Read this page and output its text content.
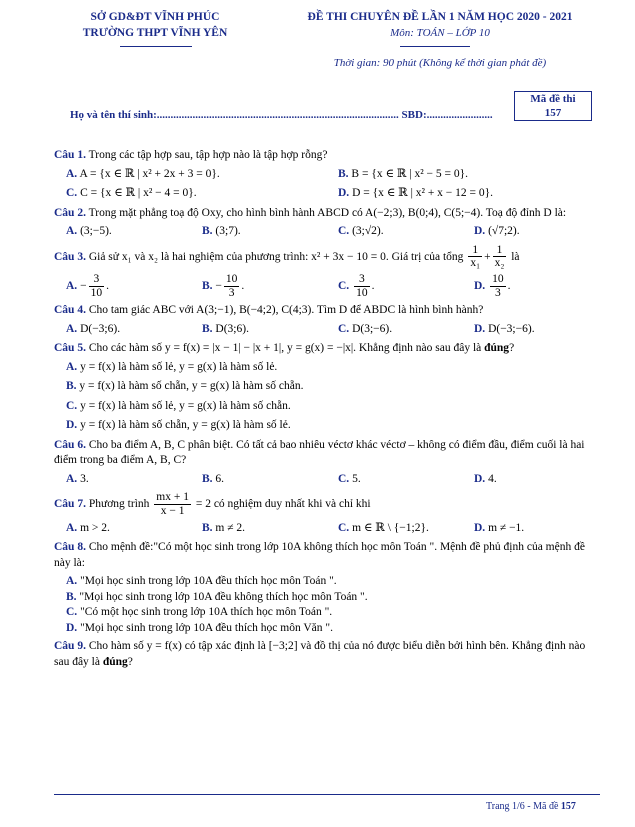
SỞ GD&ĐT VĨNH PHÚC
TRƯỜNG THPT VĨNH YÊN
ĐỀ THI CHUYÊN ĐỀ LẦN 1 NĂM HỌC 2020 - 2021
Môn: TOÁN – LỚP 10
Thời gian: 90 phút (Không kể thời gian phát đề)
Họ và tên thí sinh:........................................................................................ SBD:........................
Mã đề thi
157
Câu 1. Trong các tập hợp sau, tập hợp nào là tập hợp rỗng?
A. A = {x ∈ ℝ | x² + 2x + 3 = 0}.	B. B = {x ∈ ℝ | x² − 5 = 0}.
C. C = {x ∈ ℝ | x² − 4 = 0}.	D. D = {x ∈ ℝ | x² + x − 12 = 0}.
Câu 2. Trong mặt phẳng toạ độ Oxy, cho hình bình hành ABCD có A(−2;3), B(0;4), C(5;−4). Toạ độ đỉnh D là:
A. (3;−5).	B. (3;7).	C. (3;√2).	D. (√7;2).
Câu 3. Giả sử x₁ và x₂ là hai nghiệm của phương trình: x² + 3x − 10 = 0. Giá trị của tổng $\frac{1}{\text{x₁}} + \frac{1}{\text{x₂}}$ là
A. − $\frac{3}{10}$ .	B. − $\frac{10}{3}$ .	C. $\frac{3}{10}$ .	D. $\frac{10}{3}$ .
Câu 4. Cho tam giác ABC với A(3;−1), B(−4;2), C(4;3). Tìm D để ABDC là hình bình hành?
A. D(−3;6).	B. D(3;6).	C. D(3;−6).	D. D(−3;−6).
Câu 5. Cho các hàm số y = f(x) = |x − 1| − |x + 1|, y = g(x) = −|x|. Khẳng định nào sau đây là đúng?
A. y = f(x) là hàm số lẻ, y = g(x) là hàm số lẻ.
B. y = f(x) là hàm số chẵn, y = g(x) là hàm số chẵn.
C. y = f(x) là hàm số lẻ, y = g(x) là hàm số chẵn.
D. y = f(x) là hàm số chẵn, y = g(x) là hàm số lẻ.
Câu 6. Cho ba điểm A, B, C phân biệt. Có tất cả bao nhiêu véctơ khác véctơ – không có điểm đầu, điểm cuối là hai điểm trong ba điểm A, B, C?
A. 3.	B. 6.	C. 5.	D. 4.
Câu 7. Phương trình $\frac{mx + 1}{x - 1} = 2$ có nghiệm duy nhất khi và chỉ khi
A. m > 2.	B. m ≠ 2.	C. m ∈ ℝ \ {−1;2}.	D. m ≠ −1.
Câu 8. Cho mệnh đề:"Có một học sinh trong lớp 10A không thích học môn Toán ". Mệnh đề phủ định của mệnh đề này là:
A. "Mọi học sinh trong lớp 10A đều thích học môn Toán ".
B. "Mọi học sinh trong lớp 10A đều không thích học môn Toán ".
C. "Có một học sinh trong lớp 10A thích học môn Toán ".
D. "Mọi học sinh trong lớp 10A đều thích học môn Văn ".
Câu 9. Cho hàm số y = f(x) có tập xác định là [−3;2] và đồ thị của nó được biểu diễn bởi hình bên. Khẳng định nào sau đây là đúng?
Trang 1/6 - Mã đề 157
